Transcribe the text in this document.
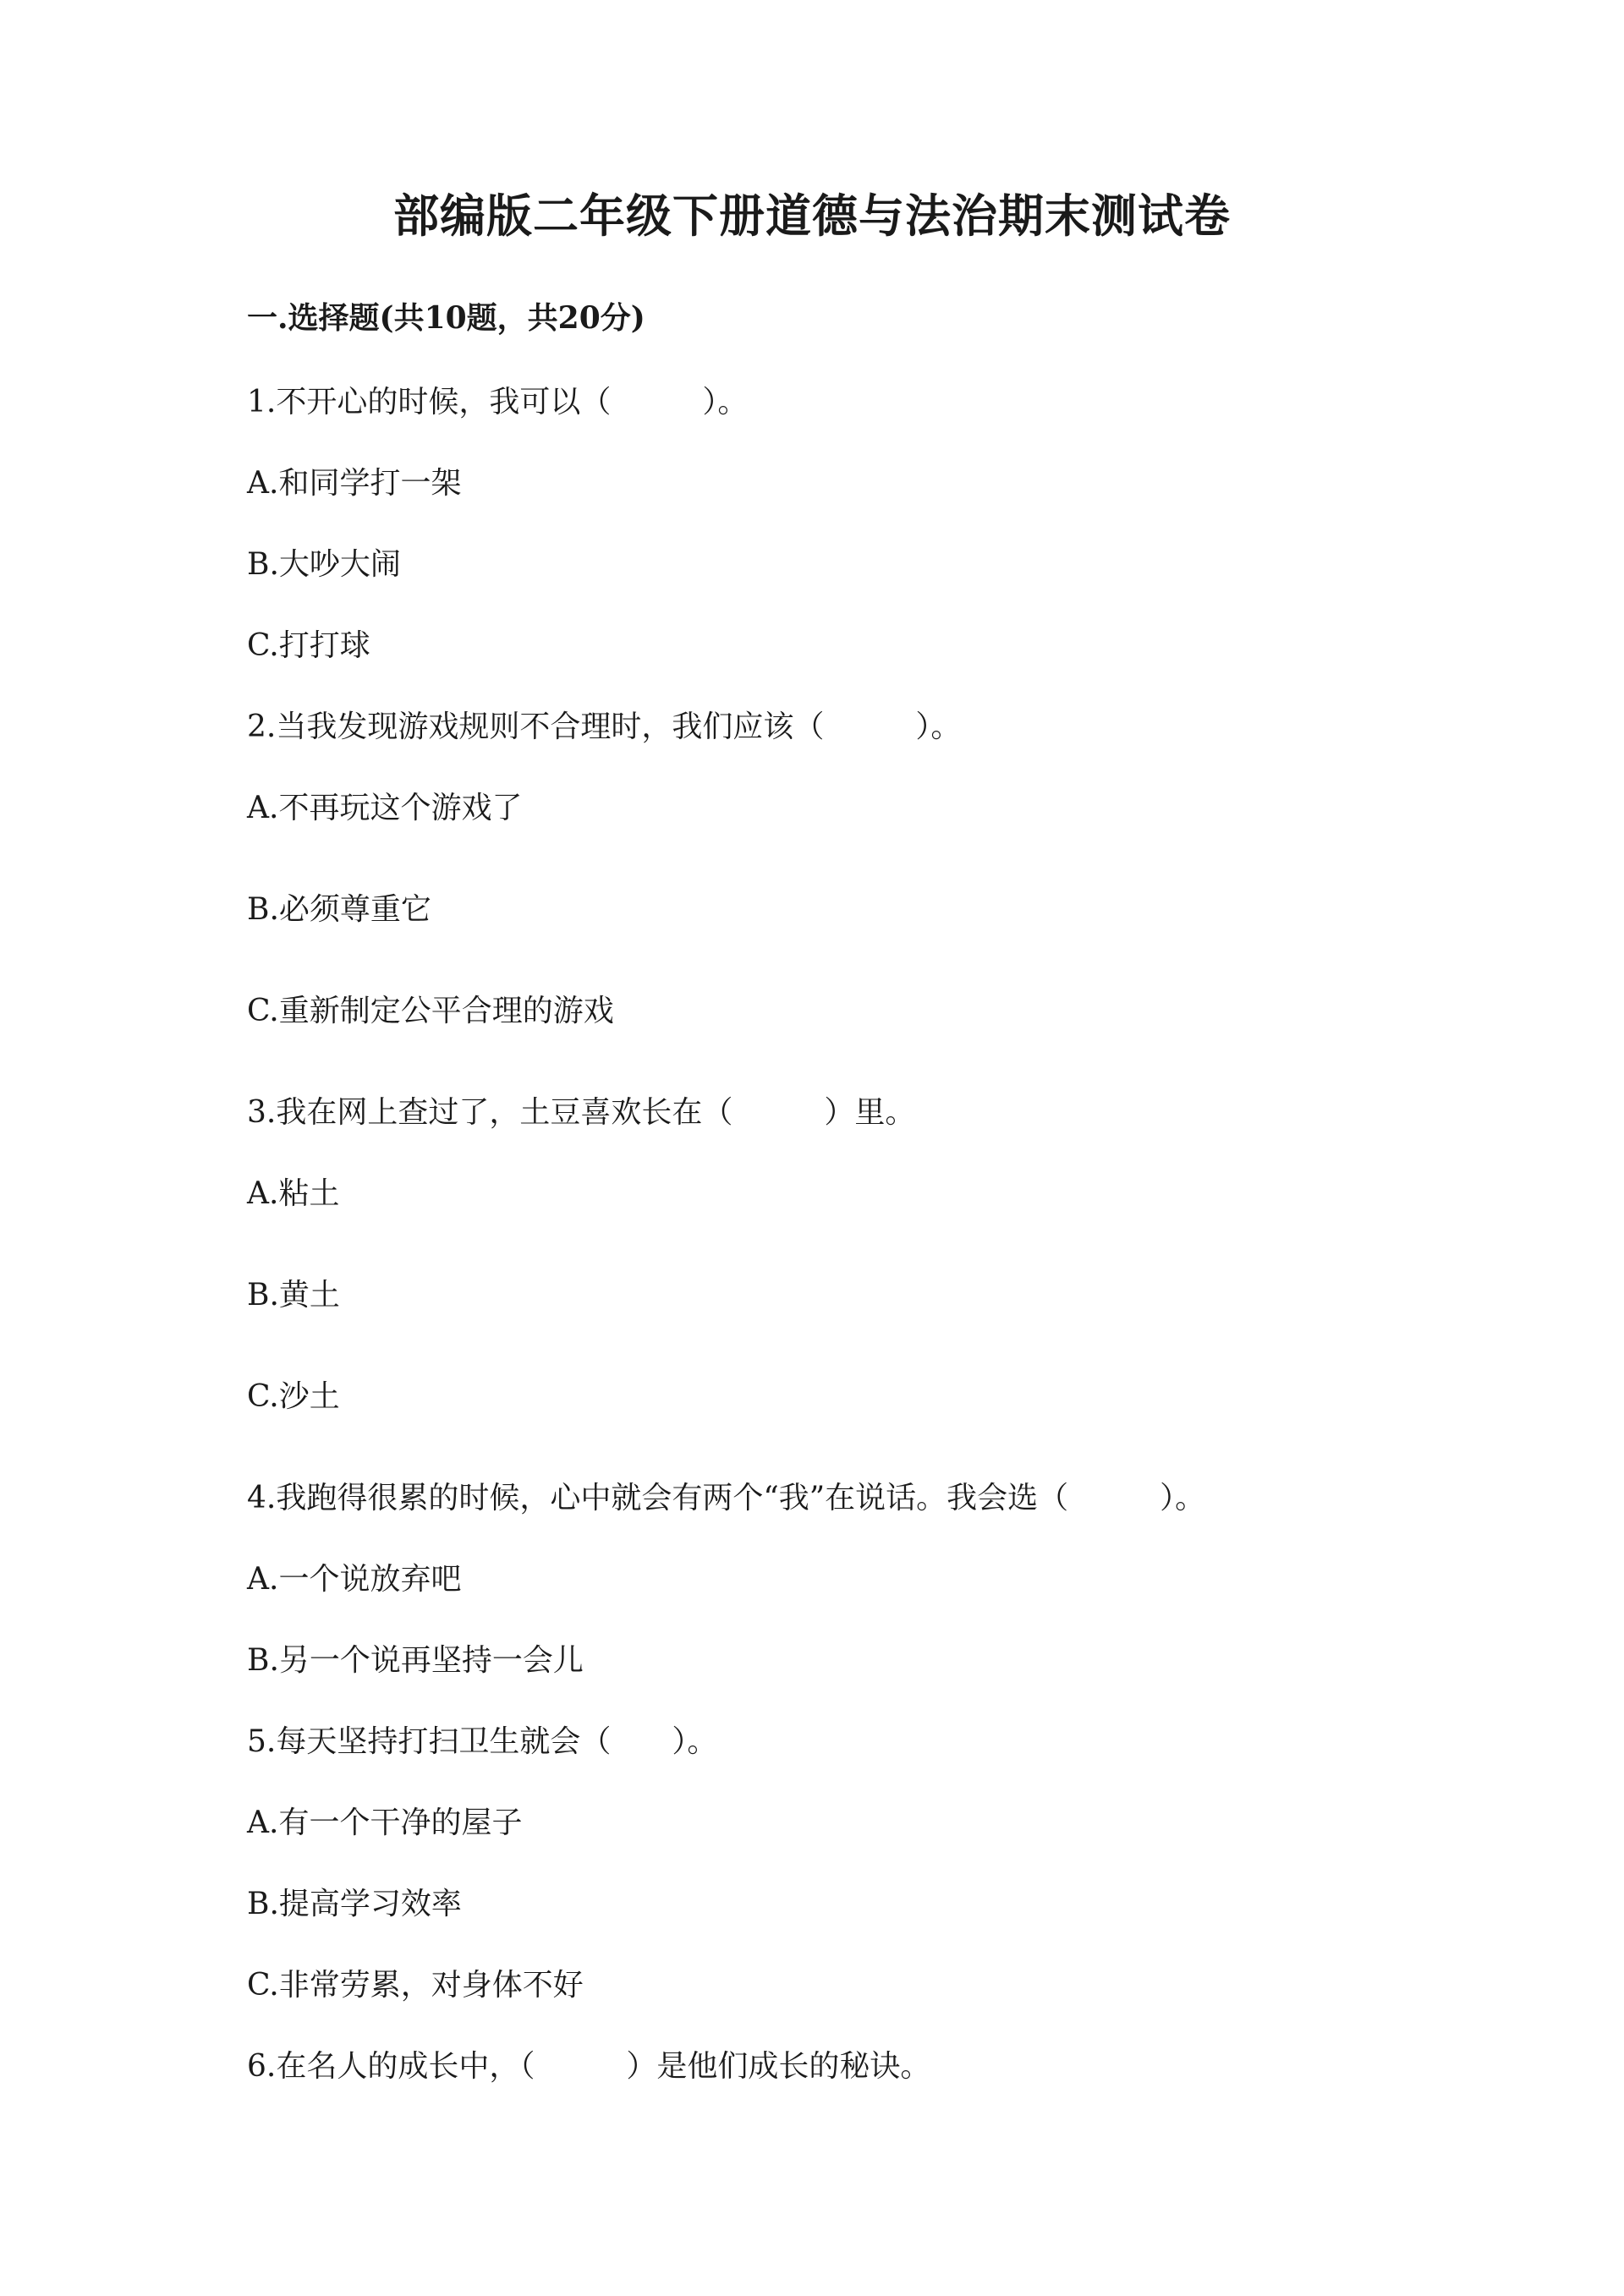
部编版二年级下册道德与法治期末测试卷
一.选择题(共10题，共20分)
1.不开心的时候，我可以（　　　）。
A.和同学打一架
B.大吵大闹
C.打打球
2.当我发现游戏规则不合理时，我们应该（　　　）。
A.不再玩这个游戏了
B.必须尊重它
C.重新制定公平合理的游戏
3.我在网上查过了，土豆喜欢长在（　　　）里。
A.粘土
B.黄土
C.沙土
4.我跑得很累的时候，心中就会有两个“我”在说话。我会选（　　　）。
A.一个说放弃吧
B.另一个说再坚持一会儿
5.每天坚持打扫卫生就会（　　）。
A.有一个干净的屋子
B.提高学习效率
C.非常劳累，对身体不好
6.在名人的成长中，（　　　）是他们成长的秘诀。
